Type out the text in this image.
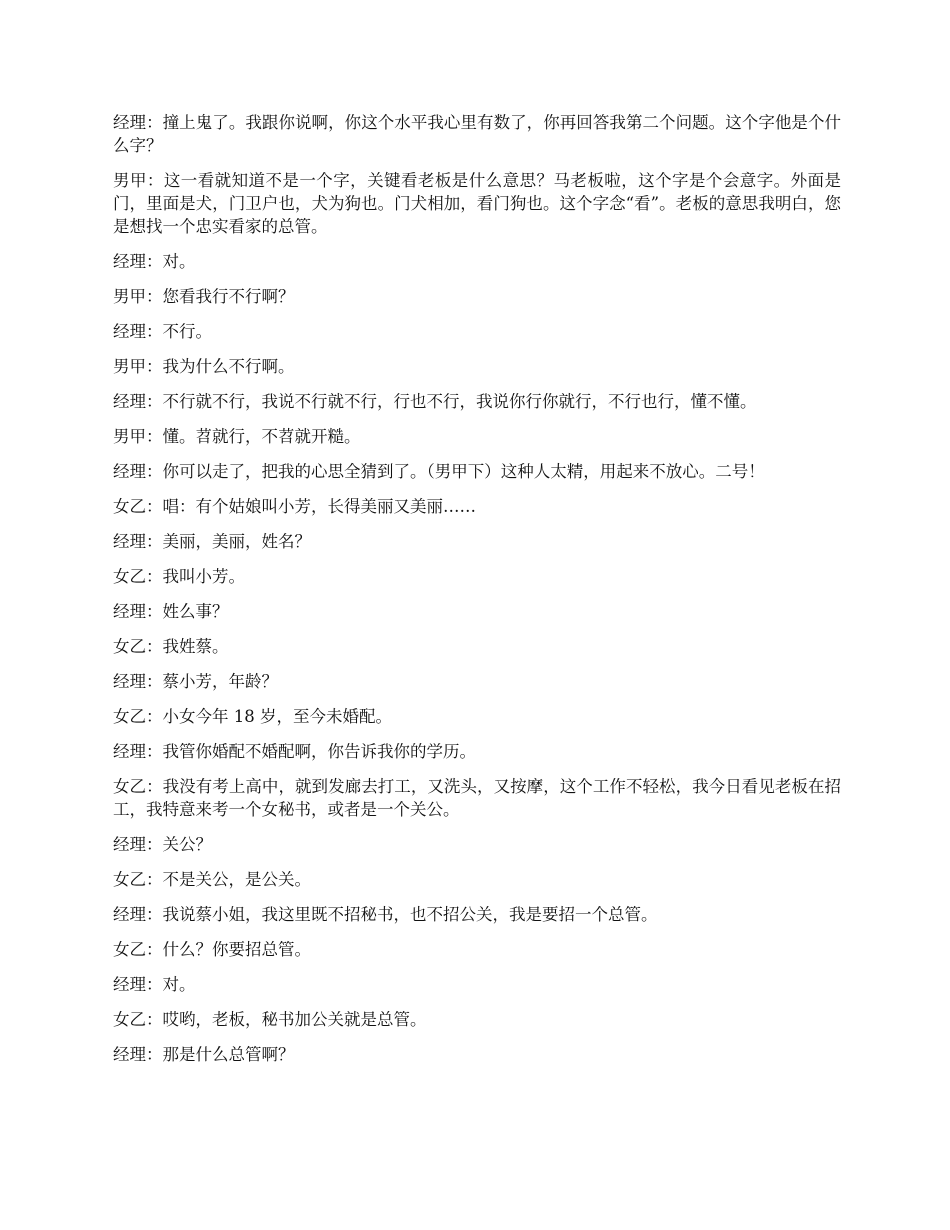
经理：撞上鬼了。我跟你说啊，你这个水平我心里有数了，你再回答我第二个问题。这个字他是个什么字？

男甲：这一看就知道不是一个字，关键看老板是什么意思？马老板啦，这个字是个会意字。外面是门，里面是犬，门卫户也，犬为狗也。门犬相加，看门狗也。这个字念“看”。老板的意思我明白，您是想找一个忠实看家的总管。

经理：对。

男甲：您看我行不行啊？

经理：不行。

男甲：我为什么不行啊。

经理：不行就不行，我说不行就不行，行也不行，我说你行你就行，不行也行，懂不懂。

男甲：懂。苕就行，不苕就开糙。

经理：你可以走了，把我的心思全猜到了。（男甲下）这种人太精，用起来不放心。二号！

女乙：唱：有个姑娘叫小芳，长得美丽又美丽……

经理：美丽，美丽，姓名？

女乙：我叫小芳。

经理：姓么事？

女乙：我姓蔡。

经理：蔡小芳，年龄？

女乙：小女今年 18 岁，至今未婚配。

经理：我管你婚配不婚配啊，你告诉我你的学历。

女乙：我没有考上高中，就到发廊去打工，又洗头，又按摩，这个工作不轻松，我今日看见老板在招工，我特意来考一个女秘书，或者是一个关公。

经理：关公？

女乙：不是关公，是公关。

经理：我说蔡小姐，我这里既不招秘书，也不招公关，我是要招一个总管。

女乙：什么？你要招总管。

经理：对。

女乙：哎哟，老板，秘书加公关就是总管。

经理：那是什么总管啊？
